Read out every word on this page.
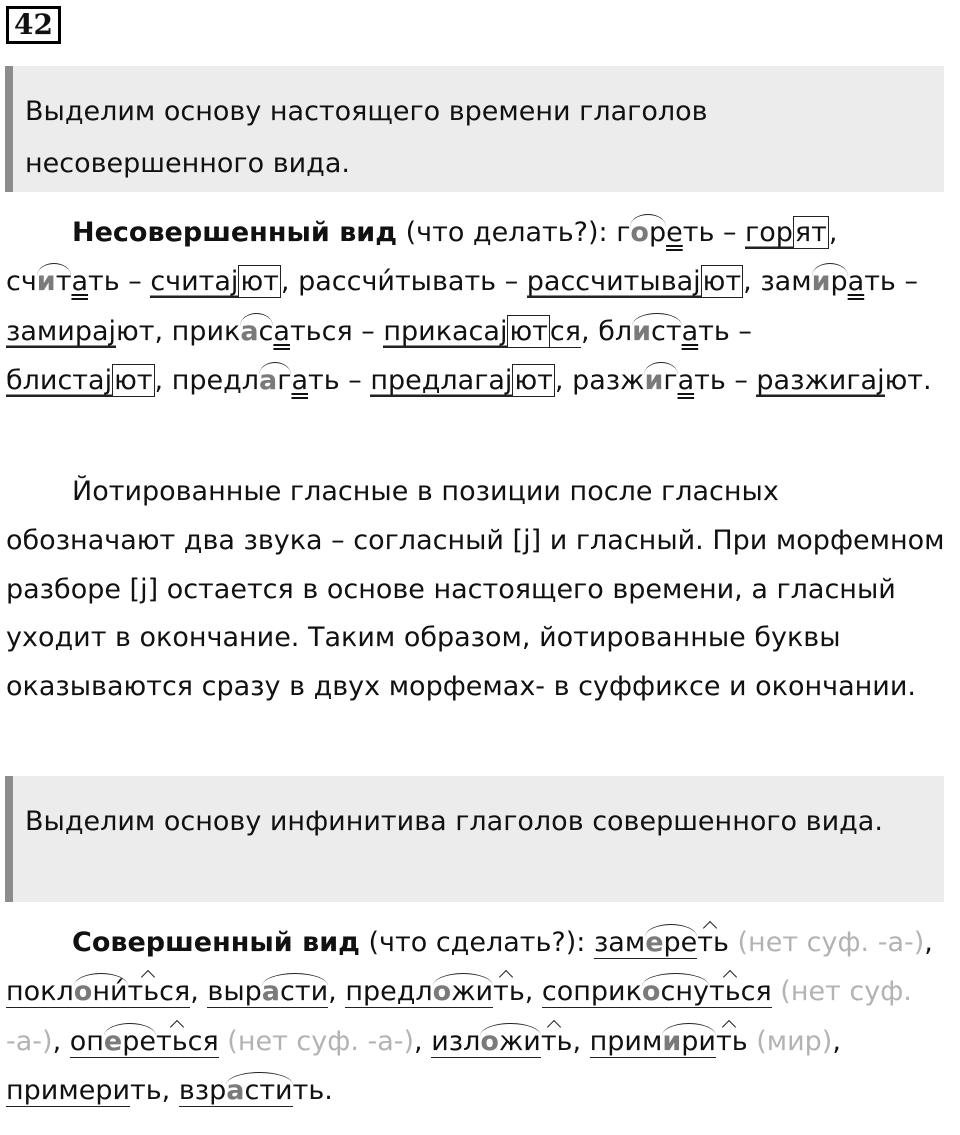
42

Выделим основу настоящего времени глаголов несовершенного вида.

Несовершенный вид (что делать?): гореть – горят, считать – считајют, рассчи́тывать – рассчитывајют, замирать – замирајют, прикасаться – прикасајются, блистать – блистајют, предлагать – предлагајют, разжигать – разжигајют.

Йотированные гласные в позиции после гласных обозначают два звука – согласный [j] и гласный. При морфемном разборе [j] остается в основе настоящего времени, а гласный уходит в окончание. Таким образом, йотированные буквы оказываются сразу в двух морфемах- в суффиксе и окончании.

Выделим основу инфинитива глаголов совершенного вида.

Совершенный вид (что сделать?): замереть (нет суф. -а-), поклони́ться, вырасти, предложить, соприкоснуться (нет суф. -а-), опереться (нет суф. -а-), изложить, примирить (мир), примерить, взрастить.
